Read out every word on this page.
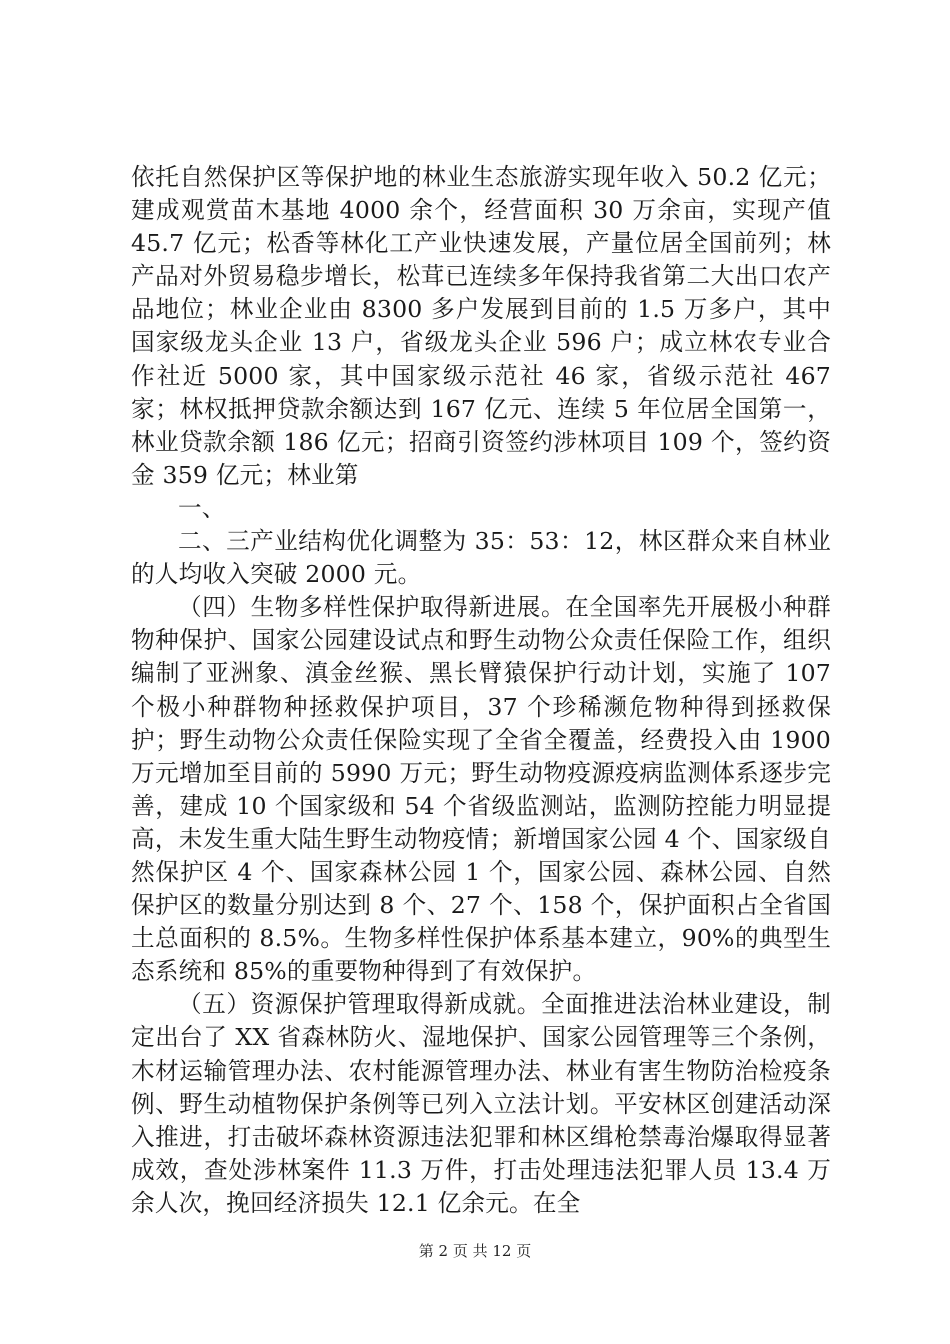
依托自然保护区等保护地的林业生态旅游实现年收入 50.2 亿元；建成观赏苗木基地 4000 余个，经营面积 30 万余亩，实现产值 45.7 亿元；松香等林化工产业快速发展，产量位居全国前列；林产品对外贸易稳步增长，松茸已连续多年保持我省第二大出口农产品地位；林业企业由 8300 多户发展到目前的 1.5 万多户，其中国家级龙头企业 13 户，省级龙头企业 596 户；成立林农专业合作社近 5000 家，其中国家级示范社 46 家，省级示范社 467 家；林权抵押贷款余额达到 167 亿元、连续 5 年位居全国第一，林业贷款余额 186 亿元；招商引资签约涉林项目 109 个，签约资金 359 亿元；林业第

一、

二、三产业结构优化调整为 35：53：12，林区群众来自林业的人均收入突破 2000 元。

（四）生物多样性保护取得新进展。在全国率先开展极小种群物种保护、国家公园建设试点和野生动物公众责任保险工作，组织编制了亚洲象、滇金丝猴、黑长臂猿保护行动计划，实施了 107 个极小种群物种拯救保护项目，37 个珍稀濒危物种得到拯救保护；野生动物公众责任保险实现了全省全覆盖，经费投入由 1900 万元增加至目前的 5990 万元；野生动物疫源疫病监测体系逐步完善，建成 10 个国家级和 54 个省级监测站，监测防控能力明显提高，未发生重大陆生野生动物疫情；新增国家公园 4 个、国家级自然保护区 4 个、国家森林公园 1 个，国家公园、森林公园、自然保护区的数量分别达到 8 个、27 个、158 个，保护面积占全省国土总面积的 8.5%。生物多样性保护体系基本建立，90%的典型生态系统和 85%的重要物种得到了有效保护。

（五）资源保护管理取得新成就。全面推进法治林业建设，制定出台了 XX 省森林防火、湿地保护、国家公园管理等三个条例，木材运输管理办法、农村能源管理办法、林业有害生物防治检疫条例、野生动植物保护条例等已列入立法计划。平安林区创建活动深入推进，打击破坏森林资源违法犯罪和林区缉枪禁毒治爆取得显著成效，查处涉林案件 11.3 万件，打击处理违法犯罪人员 13.4 万余人次，挽回经济损失 12.1 亿余元。在全

第 2 页 共 12 页
